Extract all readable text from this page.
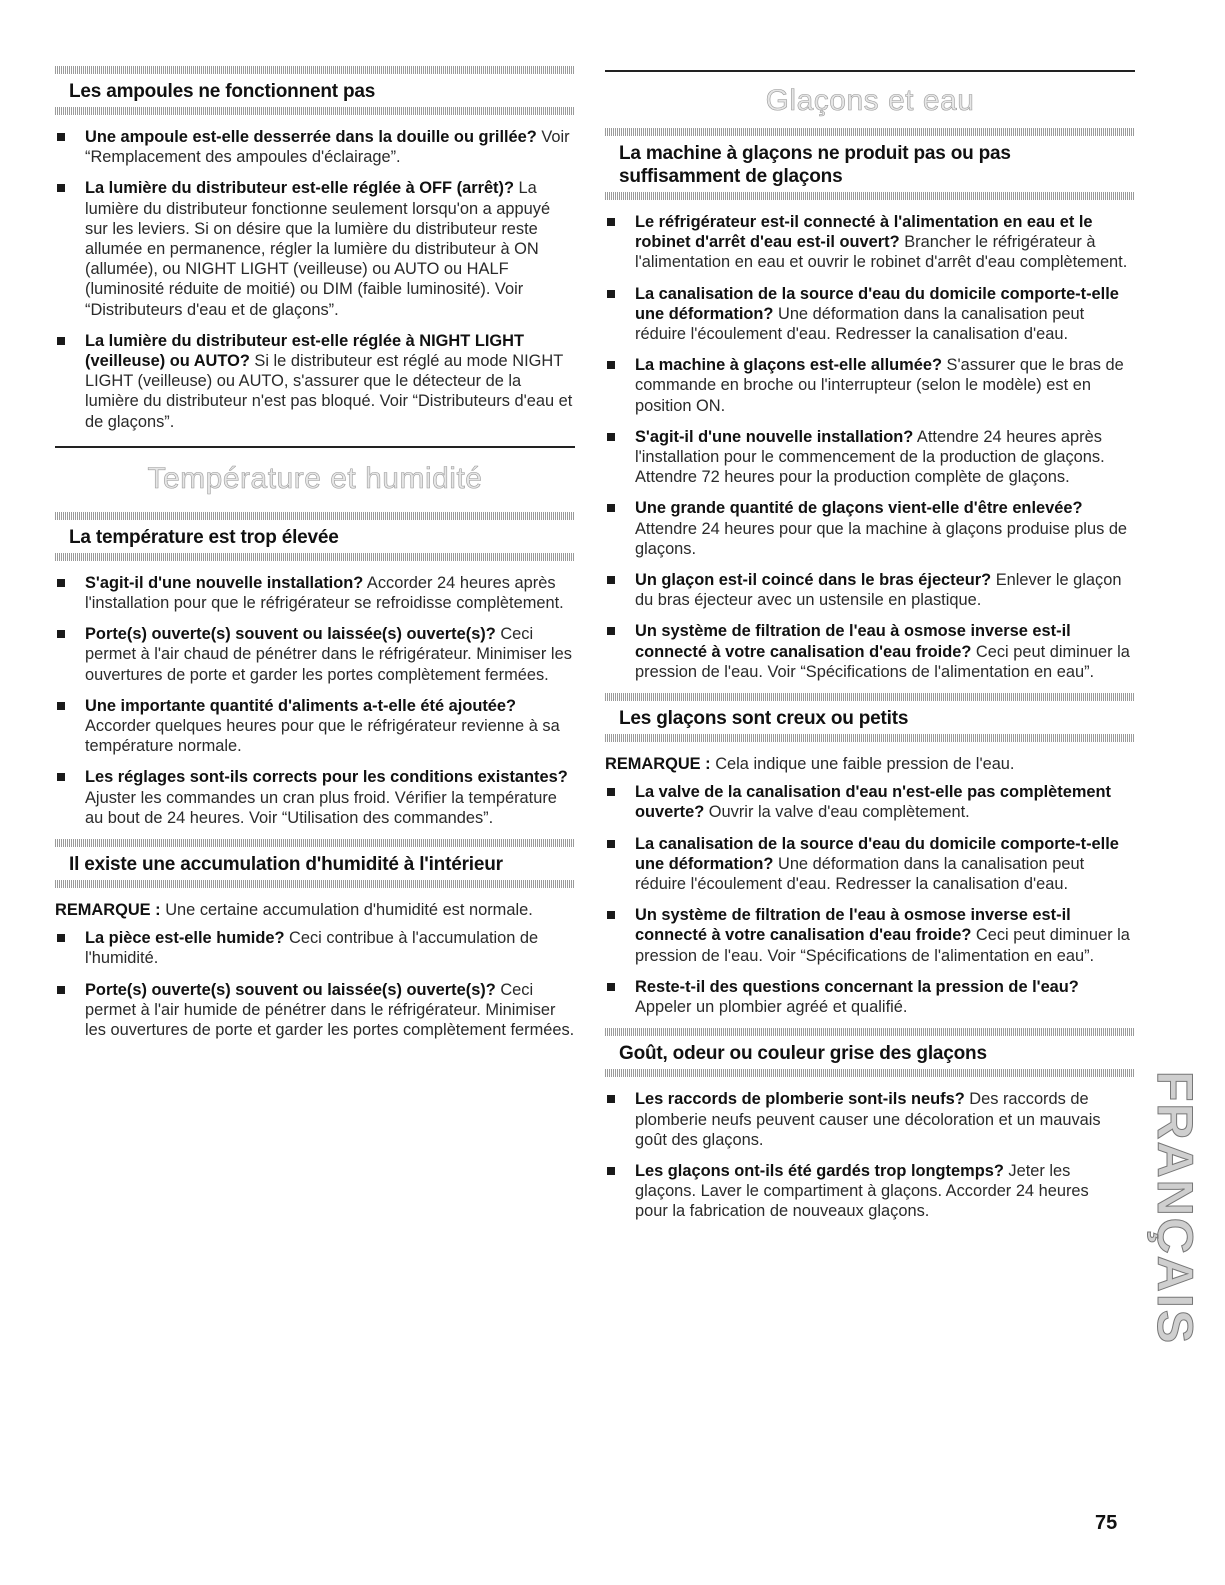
Les ampoules ne fonctionnent pas
Une ampoule est-elle desserrée dans la douille ou grillée? Voir “Remplacement des ampoules d'éclairage”.
La lumière du distributeur est-elle réglée à OFF (arrêt)? La lumière du distributeur fonctionne seulement lorsqu'on a appuyé sur les leviers. Si on désire que la lumière du distributeur reste allumée en permanence, régler la lumière du distributeur à ON (allumée), ou NIGHT LIGHT (veilleuse) ou AUTO ou HALF (luminosité réduite de moitié) ou DIM (faible luminosité). Voir “Distributeurs d'eau et de glaçons”.
La lumière du distributeur est-elle réglée à NIGHT LIGHT (veilleuse) ou AUTO? Si le distributeur est réglé au mode NIGHT LIGHT (veilleuse) ou AUTO, s'assurer que le détecteur de la lumière du distributeur n'est pas bloqué. Voir “Distributeurs d'eau et de glaçons”.
Température et humidité
La température est trop élevée
S'agit-il d'une nouvelle installation? Accorder 24 heures après l'installation pour que le réfrigérateur se refroidisse complètement.
Porte(s) ouverte(s) souvent ou laissée(s) ouverte(s)? Ceci permet à l'air chaud de pénétrer dans le réfrigérateur. Minimiser les ouvertures de porte et garder les portes complètement fermées.
Une importante quantité d'aliments a-t-elle été ajoutée? Accorder quelques heures pour que le réfrigérateur revienne à sa température normale.
Les réglages sont-ils corrects pour les conditions existantes? Ajuster les commandes un cran plus froid. Vérifier la température au bout de 24 heures. Voir “Utilisation des commandes”.
Il existe une accumulation d'humidité à l'intérieur

REMARQUE : Une certaine accumulation d'humidité est normale.

La pièce est-elle humide? Ceci contribue à l'accumulation de l'humidité.
Porte(s) ouverte(s) souvent ou laissée(s) ouverte(s)? Ceci permet à l'air humide de pénétrer dans le réfrigérateur. Minimiser les ouvertures de porte et garder les portes complètement fermées.
Glaçons et eau
La machine à glaçons ne produit pas ou pas suffisamment de glaçons
Le réfrigérateur est-il connecté à l'alimentation en eau et le robinet d'arrêt d'eau est-il ouvert? Brancher le réfrigérateur à l'alimentation en eau et ouvrir le robinet d'arrêt d'eau complètement.
La canalisation de la source d'eau du domicile comporte-t-elle une déformation? Une déformation dans la canalisation peut réduire l'écoulement d'eau. Redresser la canalisation d'eau.
La machine à glaçons est-elle allumée? S'assurer que le bras de commande en broche ou l'interrupteur (selon le modèle) est en position ON.
S'agit-il d'une nouvelle installation? Attendre 24 heures après l'installation pour le commencement de la production de glaçons. Attendre 72 heures pour la production complète de glaçons.
Une grande quantité de glaçons vient-elle d'être enlevée? Attendre 24 heures pour que la machine à glaçons produise plus de glaçons.
Un glaçon est-il coincé dans le bras éjecteur? Enlever le glaçon du bras éjecteur avec un ustensile en plastique.
Un système de filtration de l'eau à osmose inverse est-il connecté à votre canalisation d'eau froide? Ceci peut diminuer la pression de l'eau. Voir “Spécifications de l'alimentation en eau”.
Les glaçons sont creux ou petits

REMARQUE : Cela indique une faible pression de l'eau.

La valve de la canalisation d'eau n'est-elle pas complètement ouverte? Ouvrir la valve d'eau complètement.
La canalisation de la source d'eau du domicile comporte-t-elle une déformation? Une déformation dans la canalisation peut réduire l'écoulement d'eau. Redresser la canalisation d'eau.
Un système de filtration de l'eau à osmose inverse est-il connecté à votre canalisation d'eau froide? Ceci peut diminuer la pression de l'eau. Voir “Spécifications de l'alimentation en eau”.
Reste-t-il des questions concernant la pression de l'eau? Appeler un plombier agréé et qualifié.
Goût, odeur ou couleur grise des glaçons
Les raccords de plomberie sont-ils neufs? Des raccords de plomberie neufs peuvent causer une décoloration et un mauvais goût des glaçons.
Les glaçons ont-ils été gardés trop longtemps? Jeter les glaçons. Laver le compartiment à glaçons. Accorder 24 heures pour la fabrication de nouveaux glaçons.	FRANÇAIS
75
